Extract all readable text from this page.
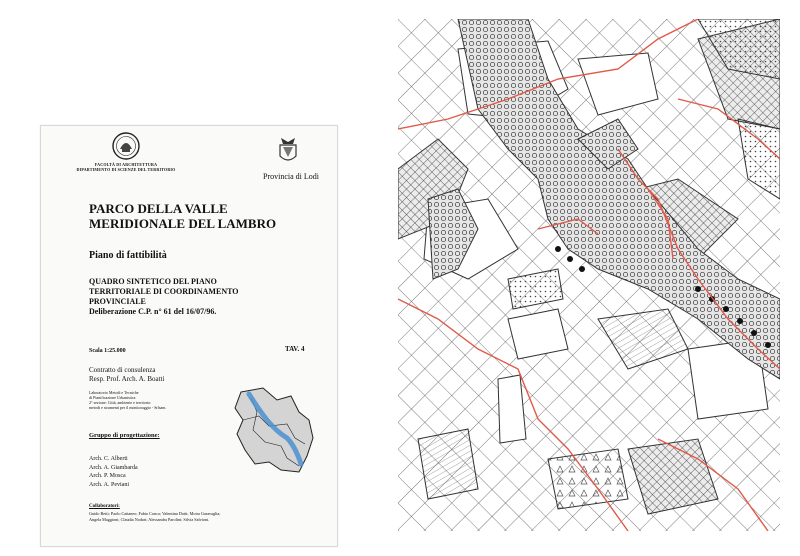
FACOLTÀ DI ARCHITETTURA
DIPARTIMENTO DI SCIENZE DEL TERRITORIO
Provincia di Lodi
PARCO DELLA VALLE
MERIDIONALE DEL LAMBRO
Piano di fattibilità
QUADRO SINTETICO DEL PIANO
TERRITORIALE DI COORDINAMENTO
PROVINCIALE
Deliberazione C.P. n° 61 del 16/07/96.
Scala 1:25.000	TAV. 4
Contratto di consulenza
Resp. Prof. Arch. A. Boatti
Laboratorio Metodi e Tecniche
di Pianificazione Urbanistica
2° sezione: Città, ambiente e territorio:
metodi e strumenti per il monitoraggio - Srlsam.
Gruppo di progettazione:
Arch. C. Alberti
Arch. A. Giambarda
Arch. P. Mosca
Arch. A. Peviani
Collaboratori:
Guido Betti; Paolo Cattaneo; Fabio Conca; Valentina Dotti; Moira Garavaglia;
Angela Maggioni; Claudia Nodari; Alessandra Parolini; Silvia Salvioni.
